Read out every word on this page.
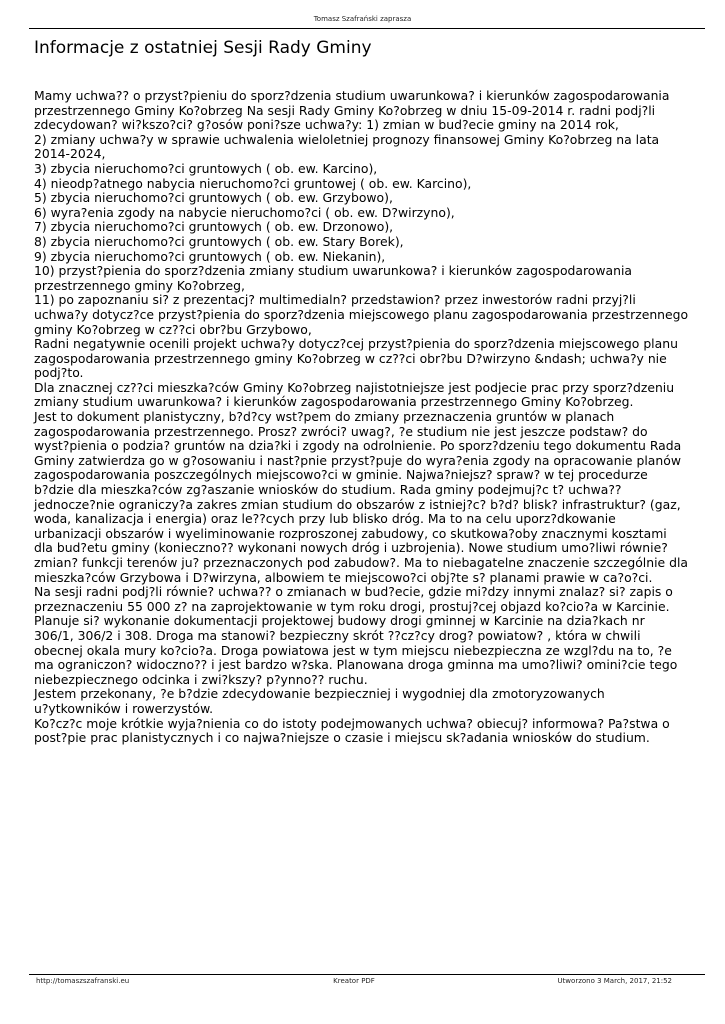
Tomasz Szafrański zaprasza
Informacje z ostatniej Sesji Rady Gminy
Mamy uchwa?? o przyst?pieniu do sporz?dzenia studium uwarunkowa? i kierunków zagospodarowania
przestrzennego Gminy Ko?obrzeg Na sesji Rady Gminy Ko?obrzeg w dniu 15-09-2014 r. radni podj?li
zdecydowan? wi?kszo?ci? g?osów poni?sze uchwa?y: 1) zmian w bud?ecie gminy na 2014 rok,
2) zmiany uchwa?y w sprawie uchwalenia wieloletniej prognozy finansowej Gminy Ko?obrzeg na lata
2014-2024,
3) zbycia nieruchomo?ci gruntowych ( ob. ew. Karcino),
4) nieodp?atnego nabycia nieruchomo?ci gruntowej ( ob. ew. Karcino),
5) zbycia nieruchomo?ci gruntowych ( ob. ew. Grzybowo),
6) wyra?enia zgody na nabycie nieruchomo?ci ( ob. ew. D?wirzyno),
7) zbycia nieruchomo?ci gruntowych ( ob. ew. Drzonowo),
8) zbycia nieruchomo?ci gruntowych ( ob. ew. Stary Borek),
9) zbycia nieruchomo?ci gruntowych ( ob. ew. Niekanin),
10) przyst?pienia do sporz?dzenia zmiany studium uwarunkowa? i kierunków zagospodarowania
przestrzennego gminy Ko?obrzeg,
11) po zapoznaniu si? z prezentacj? multimedialn? przedstawion? przez inwestorów radni przyj?li
uchwa?y dotycz?ce przyst?pienia do sporz?dzenia miejscowego planu zagospodarowania przestrzennego
gminy Ko?obrzeg w cz??ci obr?bu Grzybowo,
Radni negatywnie ocenili projekt uchwa?y dotycz?cej przyst?pienia do sporz?dzenia miejscowego planu
zagospodarowania przestrzennego gminy Ko?obrzeg w cz??ci obr?bu D?wirzyno &ndash; uchwa?y nie
podj?to.
Dla znacznej cz??ci mieszka?ców Gminy Ko?obrzeg najistotniejsze jest podjecie prac przy sporz?dzeniu
zmiany studium uwarunkowa? i kierunków zagospodarowania przestrzennego Gminy Ko?obrzeg.
Jest to dokument planistyczny, b?d?cy wst?pem do zmiany przeznaczenia gruntów w planach
zagospodarowania przestrzennego. Prosz? zwróci? uwag?, ?e studium nie jest jeszcze podstaw? do
wyst?pienia o podzia? gruntów na dzia?ki i zgody na odrolnienie. Po sporz?dzeniu tego dokumentu Rada
Gminy zatwierdza go w g?osowaniu i nast?pnie przyst?puje do wyra?enia zgody na opracowanie planów
zagospodarowania poszczególnych miejscowo?ci w gminie. Najwa?niejsz? spraw? w tej procedurze
b?dzie dla mieszka?ców zg?aszanie wniosków do studium. Rada gminy podejmuj?c t? uchwa??
jednocze?nie ograniczy?a zakres zmian studium do obszarów z istniej?c? b?d? blisk? infrastruktur? (gaz,
woda, kanalizacja i energia) oraz le??cych przy lub blisko dróg. Ma to na celu uporz?dkowanie
urbanizacji obszarów i wyeliminowanie rozproszonej zabudowy, co skutkowa?oby znacznymi kosztami
dla bud?etu gminy (konieczno?? wykonani nowych dróg i uzbrojenia). Nowe studium umo?liwi równie?
zmian? funkcji terenów ju? przeznaczonych pod zabudow?. Ma to niebagatelne znaczenie szczególnie dla
mieszka?ców Grzybowa i D?wirzyna, albowiem te miejscowo?ci obj?te s? planami prawie w ca?o?ci.
Na sesji radni podj?li równie? uchwa?? o zmianach w bud?ecie, gdzie mi?dzy innymi znalaz? si? zapis o
przeznaczeniu 55 000 z? na zaprojektowanie w tym roku drogi, prostuj?cej objazd ko?cio?a w Karcinie.
Planuje si? wykonanie dokumentacji projektowej budowy drogi gminnej w Karcinie na dzia?kach nr
306/1, 306/2 i 308. Droga ma stanowi? bezpieczny skrót ??cz?cy drog? powiatow? , która w chwili
obecnej okala mury ko?cio?a. Droga powiatowa jest w tym miejscu niebezpieczna ze wzgl?du na to, ?e
ma ograniczon? widoczno?? i jest bardzo w?ska. Planowana droga gminna ma umo?liwi? omini?cie tego
niebezpiecznego odcinka i zwi?kszy? p?ynno?? ruchu.
Jestem przekonany, ?e b?dzie zdecydowanie bezpieczniej i wygodniej dla zmotoryzowanych
u?ytkowników i rowerzystów.
Ko?cz?c moje krótkie wyja?nienia co do istoty podejmowanych uchwa? obiecuj? informowa? Pa?stwa o
post?pie prac planistycznych i co najwa?niejsze o czasie i miejscu sk?adania wniosków do studium.
http://tomaszszafranski.eu	Kreator PDF	Utworzono 3 March, 2017, 21:52
